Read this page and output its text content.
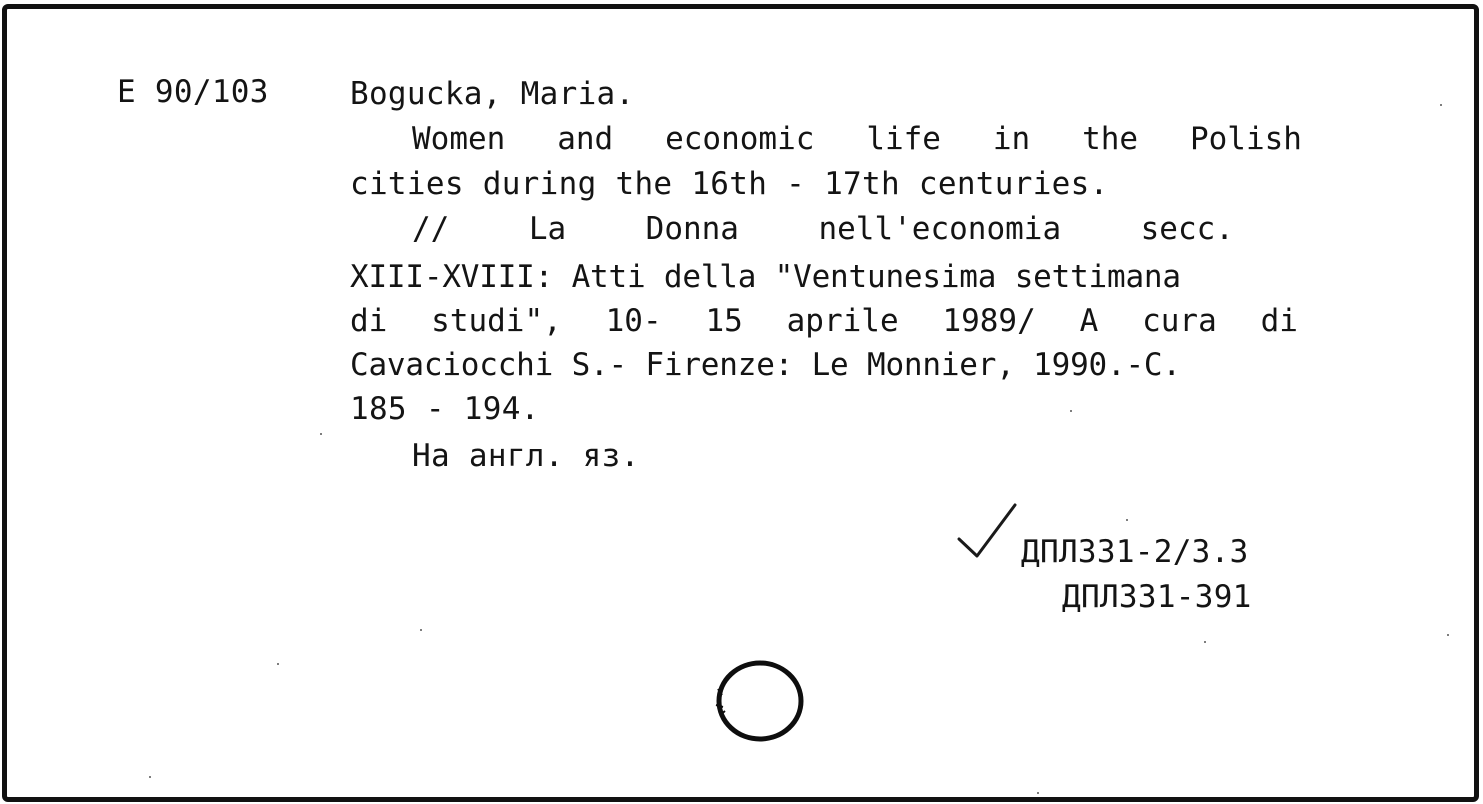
E 90/103	Bogucka, Maria.
Women and economic life in the Polish
cities during the 16th - 17th centuries.
//	La	Donna	nell'economia	secc.
XIII-XVIII: Atti della "Ventunesima settimana
di studi", 10- 15 aprile 1989/ A cura di
Cavaciocchi S.- Firenze: Le Monnier, 1990.-C.
185 - 194.
На англ. яз.
ДПЛ331-2/3.3
ДПЛ331-391
